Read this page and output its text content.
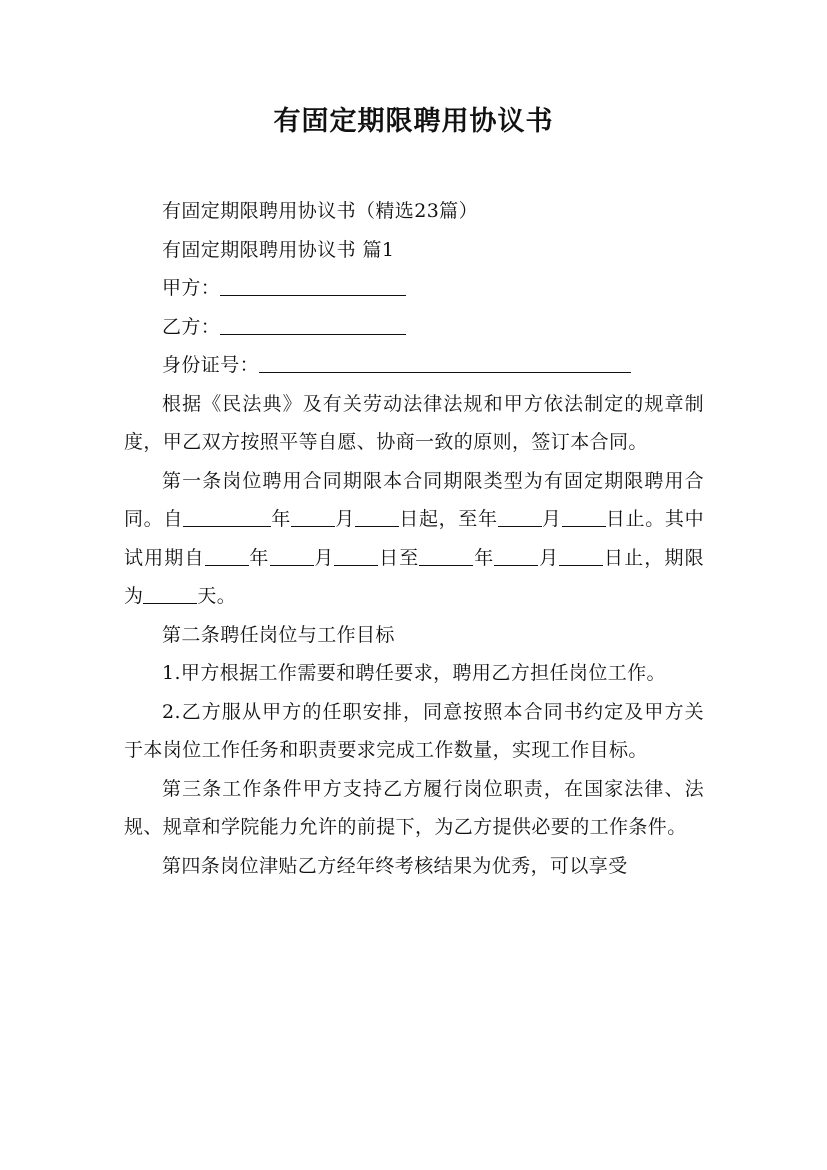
有固定期限聘用协议书

有固定期限聘用协议书（精选23篇）

有固定期限聘用协议书 篇1

甲方：

乙方：

身份证号：

根据《民法典》及有关劳动法律法规和甲方依法制定的规章制度，甲乙双方按照平等自愿、协商一致的原则，签订本合同。

第一条岗位聘用合同期限本合同期限类型为有固定期限聘用合同。自	年 月 日起，至年 月 日止。其中试用期自 年 月 日至	年 月 日止，期限为	天。

第二条聘任岗位与工作目标

1.甲方根据工作需要和聘任要求，聘用乙方担任岗位工作。

2.乙方服从甲方的任职安排，同意按照本合同书约定及甲方关于本岗位工作任务和职责要求完成工作数量，实现工作目标。

第三条工作条件甲方支持乙方履行岗位职责，在国家法律、法规、规章和学院能力允许的前提下，为乙方提供必要的工作条件。

第四条岗位津贴乙方经年终考核结果为优秀，可以享受
